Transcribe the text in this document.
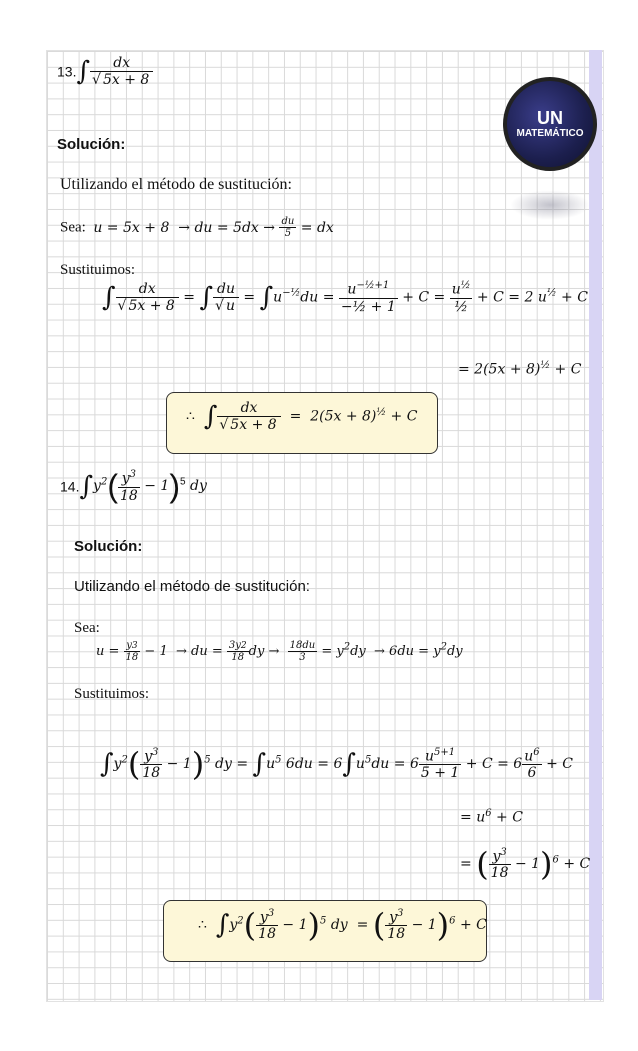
UN
MATEMÁTICO
$13.\int \frac{dx}{√ 5x + 8}$
Solución:
Utilizando el método de sustitución:
Sea: u = 5x + 8  → du = $5dx \to \frac{du}{5}$ = dx
Sustituimos:
∫ $\frac{dx}{√ 5x + 8}$ = ∫ $\frac{du}{√ u} = \int u^{-\frac{1}{2}}du = \frac{u^{-\frac{1}{2}+1}}{\text{−½ + 1}} + C = \frac{u^{\frac{1}{2}}}{\text{½}} + C = 2$ $u^{\frac{1}{2}} + C$
= $2(5x + 8)^{\frac{1}{2}} + C$
∴ ∫ $\frac{dx}{√ 5x + 8} = 2(5x + 8)^{\frac{1}{2}} + C$
$14.\int y^2( \frac{y^3}{18} - 1)^5$ dy
Solución:
Utilizando el método de sustitución:
Sea:
$u = \frac{y3}{18} - 1$  → du = $\frac{3y2}{18}$ dy → $\frac{18du}{3} = y^2dy \to 6du = y^2dy$
Sustituimos:
$\int y^2( \frac{y^3}{18} - 1)^5$ dy = $\int u^5$ $6du = 6\int u^5du = 6 \frac{u^{5+1}}{5 + 1} + C = 6 \frac{u^6}{6} + C$
= $u^6 + C$
= ( $\frac{y^3}{18} - 1)^6 + C$
∴ $\int y^2( \frac{y^3}{18} - 1)^5$ dy  = ( $\frac{y^3}{18} - 1)^6 + C$
